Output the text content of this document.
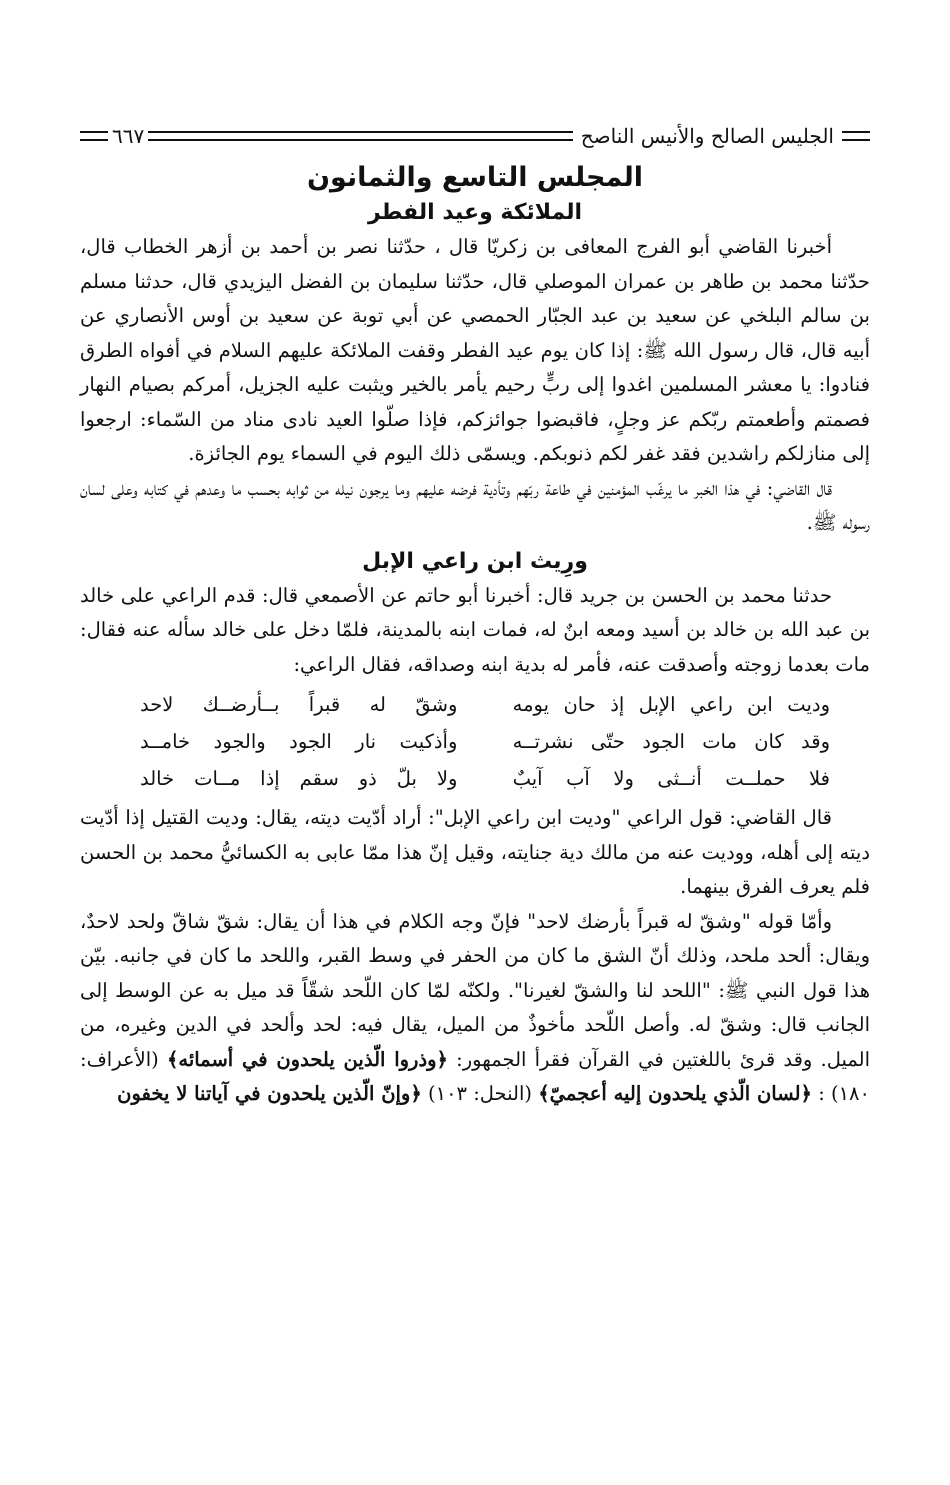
الجليس الصالح والأنيس الناصح
٦٦٧
المجلس التاسع والثمانون
الملائكة وعيد الفطر

أخبرنا القاضي أبو الفرج المعافى بن زكريّا قال ، حدّثنا نصر بن أحمد بن أزهر الخطاب قال، حدّثنا محمد بن طاهر بن عمران الموصلي قال، حدّثنا سليمان بن الفضل اليزيدي قال، حدثنا مسلم بن سالم البلخي عن سعيد بن عبد الجبّار الحمصي عن أبي توبة عن سعيد بن أوس الأنصاري عن أبيه قال، قال رسول الله ﷺ: إذا كان يوم عيد الفطر وقفت الملائكة عليهم السلام في أفواه الطرق فنادوا: يا معشر المسلمين اغدوا إلى ربٍّ رحيم يأمر بالخير ويثبت عليه الجزيل، أمركم بصيام النهار فصمتم وأطعمتم ربّكم عز وجلٍ، فاقبضوا جوائزكم، فإذا صلّوا العيد نادى مناد من السّماء: ارجعوا إلى منازلكم راشدين فقد غفر لكم ذنوبكم. ويسمّى ذلك اليوم في السماء يوم الجائزة.

قال القاضي: في هذا الخبر ما يرغّب المؤمنين في طاعة ربّهم وتأدية فرضه عليهم وما يرجون نيله من ثوابه بحسب ما وعدهم في كتابه وعلى لسان رسوله ﷺ.

ورِيث ابن راعي الإبل

حدثنا محمد بن الحسن بن جريد قال: أخبرنا أبو حاتم عن الأصمعي قال: قدم الراعي على خالد بن عبد الله بن خالد بن أسيد ومعه ابنٌ له، فمات ابنه بالمدينة، فلمّا دخل على خالد سأله عنه فقال: مات بعدما زوجته وأصدقت عنه، فأمر له بدية ابنه وصداقه، فقال الراعي:

وديت ابن راعي الإبل إذ حان يومه
وشقّ له قبراً بــأرضــك لاحد
وقد كان مات الجود حتّى نشرتــه
وأذكيت نار الجود والجود خامــد
فلا حملــت أنــثى ولا آب آيبٌ
ولا بلّ ذو سقم إذا مــات خالد

قال القاضي: قول الراعي "وديت ابن راعي الإبل": أراد أدّيت ديته، يقال: وديت القتيل إذا أدّيت ديته إلى أهله، ووديت عنه من مالك دية جنايته، وقيل إنّ هذا ممّا عابى به الكسائيُّ محمد بن الحسن فلم يعرف الفرق بينهما.

وأمّا قوله "وشقّ له قبراً بأرضك لاحد" فإنّ وجه الكلام في هذا أن يقال: شقّ شاقّ ولحد لاحدٌ، ويقال: ألحد ملحد، وذلك أنّ الشق ما كان من الحفر في وسط القبر، واللحد ما كان في جانبه. بيّن هذا قول النبي ﷺ: "اللحد لنا والشقّ لغيرنا". ولكنّه لمّا كان اللّحد شقّاً قد ميل به عن الوسط إلى الجانب قال: وشقّ له. وأصل اللّحد مأخوذٌ من الميل، يقال فيه: لحد وألحد في الدين وغيره، من الميل. وقد قرئ باللغتين في القرآن فقرأ الجمهور: ﴿وذروا الّذين يلحدون في أسمائه﴾ (الأعراف: ١٨٠) : ﴿لسان الّذي يلحدون إليه أعجميّ﴾ (النحل: ١٠٣) ﴿وإنّ الّذين يلحدون في آياتنا لا يخفون
